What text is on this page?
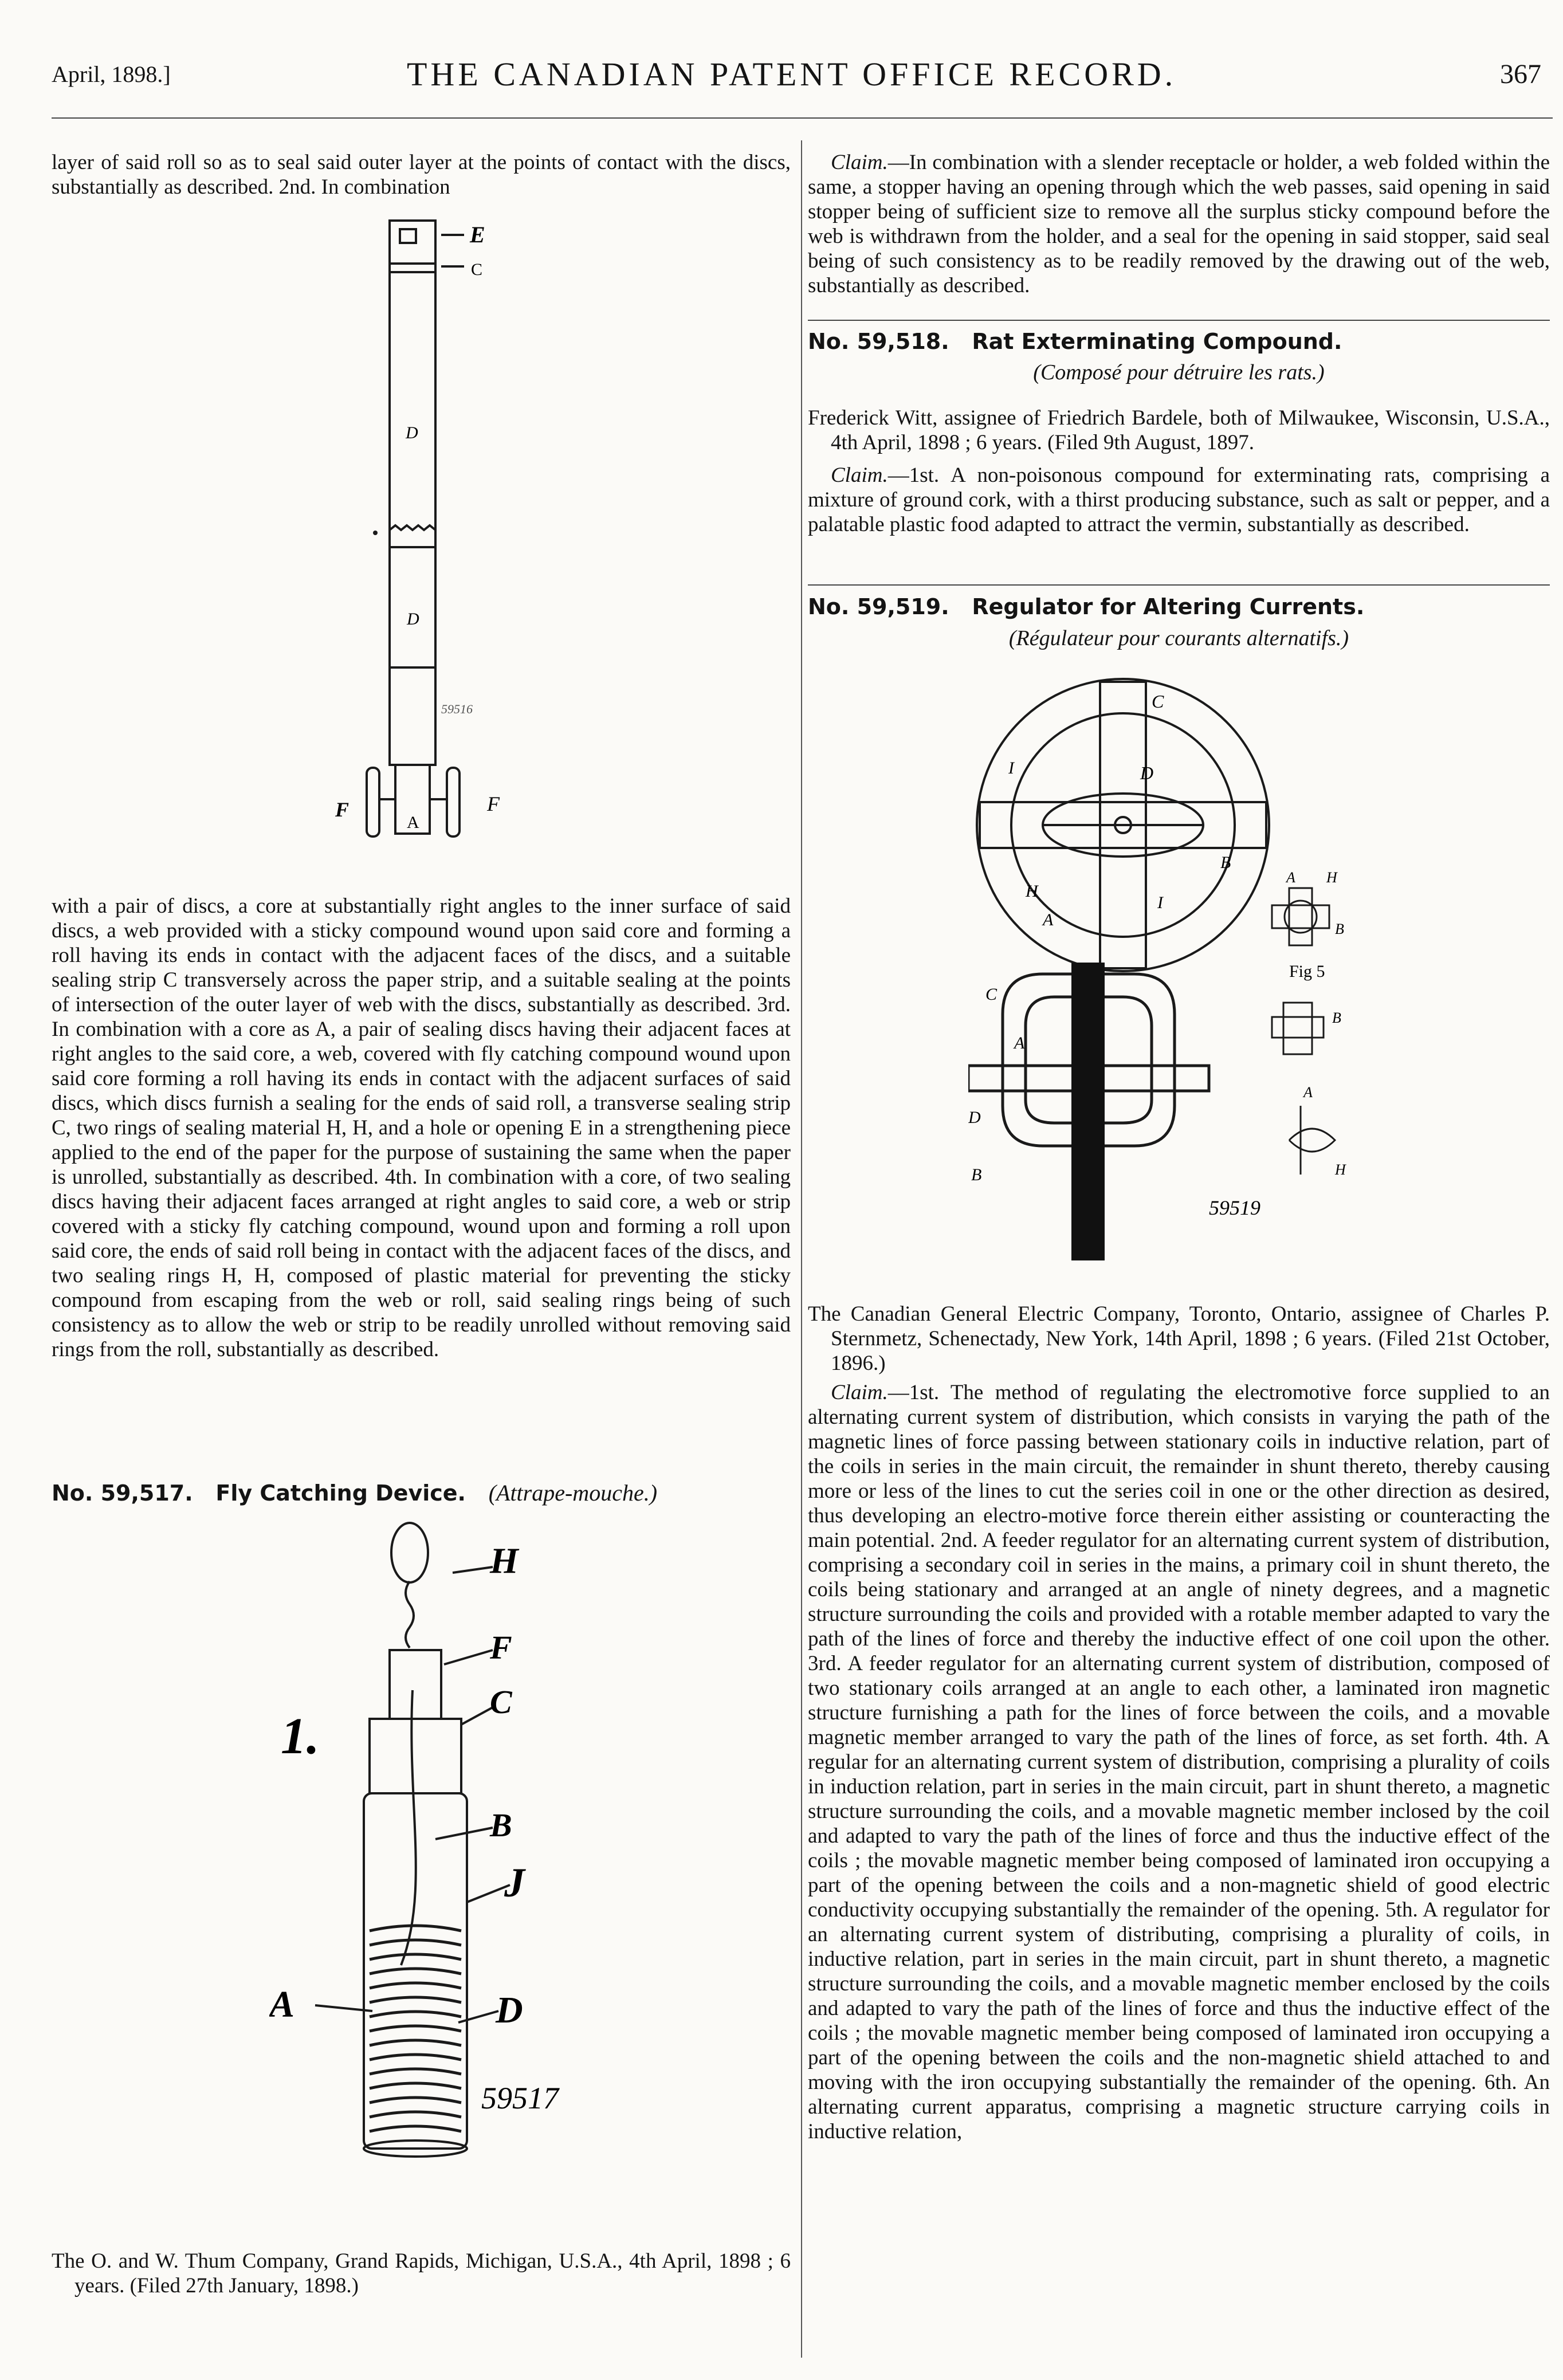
April, 1898.]	THE CANADIAN PATENT OFFICE RECORD.	367

layer of said roll so as to seal said outer layer at the points of contact with the discs, substantially as described. 2nd. In combination

E
C
D
D
59516
F	F
A

with a pair of discs, a core at substantially right angles to the inner surface of said discs, a web provided with a sticky compound wound upon said core and forming a roll having its ends in contact with the adjacent faces of the discs, and a suitable sealing strip C transversely across the paper strip, and a suitable sealing at the points of intersection of the outer layer of web with the discs, substantially as described. 3rd. In combination with a core as A, a pair of sealing discs having their adjacent faces at right angles to the said core, a web, covered with fly catching compound wound upon said core forming a roll having its ends in contact with the adjacent surfaces of said discs, which discs furnish a sealing for the ends of said roll, a transverse sealing strip C, two rings of sealing material H, H, and a hole or opening E in a strengthening piece applied to the end of the paper for the purpose of sustaining the same when the paper is unrolled, substantially as described. 4th. In combination with a core, of two sealing discs having their adjacent faces arranged at right angles to said core, a web or strip covered with a sticky fly catching compound, wound upon and forming a roll upon said core, the ends of said roll being in contact with the adjacent faces of the discs, and two sealing rings H, H, composed of plastic material for preventing the sticky compound from escaping from the web or roll, said sealing rings being of such consistency as to allow the web or strip to be readily unrolled without removing said rings from the roll, substantially as described.

No. 59,517. Fly Catching Device. (Attrape-mouche.)
H
F
C
1.
B
J
A	D
59517

The O. and W. Thum Company, Grand Rapids, Michigan, U.S.A., 4th April, 1898 ; 6 years. (Filed 27th January, 1898.)

Claim.—In combination with a slender receptacle or holder, a web folded within the same, a stopper having an opening through which the web passes, said opening in said stopper being of sufficient size to remove all the surplus sticky compound before the web is withdrawn from the holder, and a seal for the opening in said stopper, said seal being of such consistency as to be readily removed by the drawing out of the web, substantially as described.

No. 59,518. Rat Exterminating Compound.
(Composé pour détruire les rats.)

Frederick Witt, assignee of Friedrich Bardele, both of Milwaukee, Wisconsin, U.S.A., 4th April, 1898 ; 6 years. (Filed 9th August, 1897.

Claim.—1st. A non-poisonous compound for exterminating rats, comprising a mixture of ground cork, with a thirst producing substance, such as salt or pepper, and a palatable plastic food adapted to attract the vermin, substantially as described.

No. 59,519. Regulator for Altering Currents.
(Régulateur pour courants alternatifs.)
C
I	D
B
H
A
I
A H
B
Fig 5
C
A
B
D
B
A
H
59519

The Canadian General Electric Company, Toronto, Ontario, assignee of Charles P. Sternmetz, Schenectady, New York, 14th April, 1898 ; 6 years. (Filed 21st October, 1896.)

Claim.—1st. The method of regulating the electromotive force supplied to an alternating current system of distribution, which consists in varying the path of the magnetic lines of force passing between stationary coils in inductive relation, part of the coils in series in the main circuit, the remainder in shunt thereto, thereby causing more or less of the lines to cut the series coil in one or the other direction as desired, thus developing an electro-motive force therein either assisting or counteracting the main potential. 2nd. A feeder regulator for an alternating current system of distribution, comprising a secondary coil in series in the mains, a primary coil in shunt thereto, the coils being stationary and arranged at an angle of ninety degrees, and a magnetic structure surrounding the coils and provided with a rotable member adapted to vary the path of the lines of force and thereby the inductive effect of one coil upon the other. 3rd. A feeder regulator for an alternating current system of distribution, composed of two stationary coils arranged at an angle to each other, a laminated iron magnetic structure furnishing a path for the lines of force between the coils, and a movable magnetic member arranged to vary the path of the lines of force, as set forth. 4th. A regular for an alternating current system of distribution, comprising a plurality of coils in induction relation, part in series in the main circuit, part in shunt thereto, a magnetic structure surrounding the coils, and a movable magnetic member inclosed by the coil and adapted to vary the path of the lines of force and thus the inductive effect of the coils ; the movable magnetic member being composed of laminated iron occupying a part of the opening between the coils and a non-magnetic shield of good electric conductivity occupying substantially the remainder of the opening. 5th. A regulator for an alternating current system of distributing, comprising a plurality of coils, in inductive relation, part in series in the main circuit, part in shunt thereto, a magnetic structure surrounding the coils, and a movable magnetic member enclosed by the coils and adapted to vary the path of the lines of force and thus the inductive effect of the coils ; the movable magnetic member being composed of laminated iron occupying a part of the opening between the coils and the non-magnetic shield attached to and moving with the iron occupying substantially the remainder of the opening. 6th. An alternating current apparatus, comprising a magnetic structure carrying coils in inductive relation,
